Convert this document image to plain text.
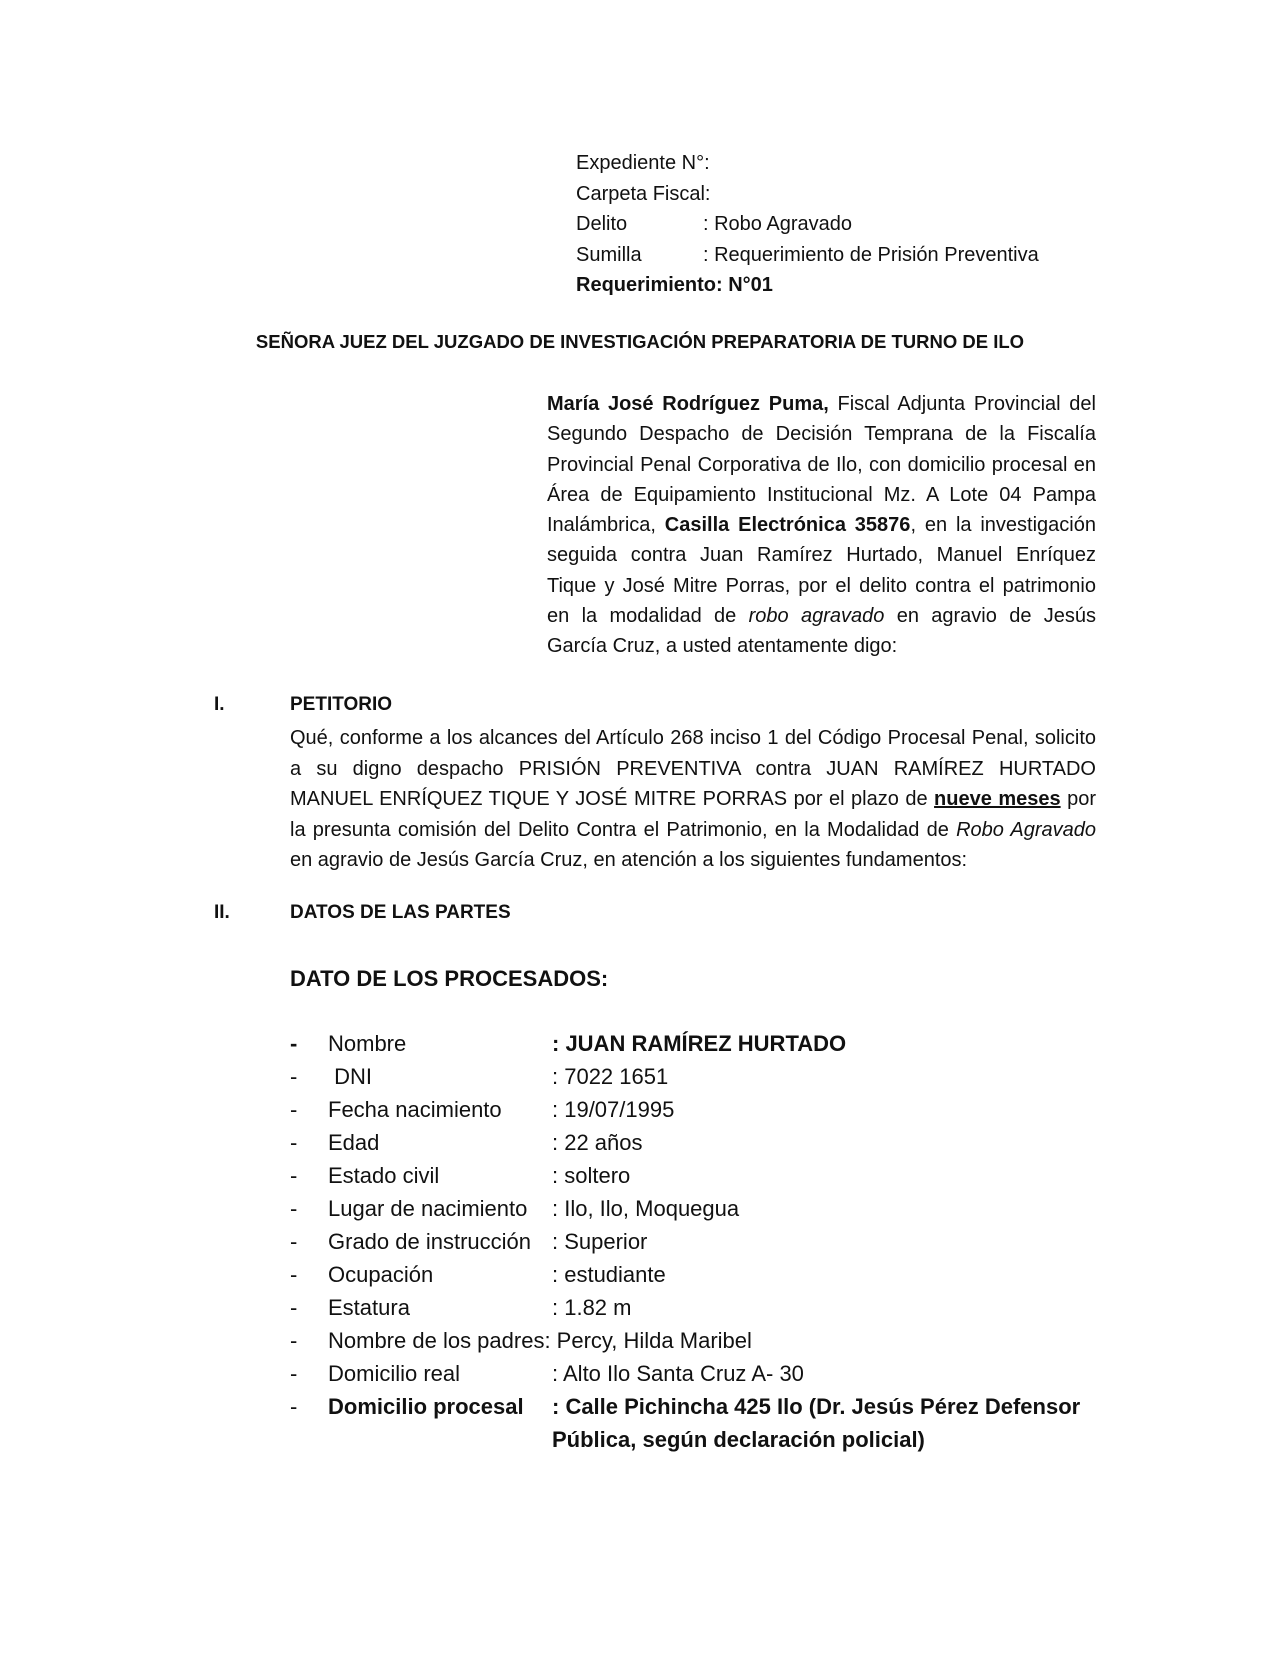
Expediente N°:
Carpeta Fiscal:
Delito	: Robo Agravado
Sumilla	: Requerimiento de Prisión Preventiva
Requerimiento: N°01
SEÑORA JUEZ DEL JUZGADO DE INVESTIGACIÓN PREPARATORIA DE TURNO DE ILO

María José Rodríguez Puma, Fiscal Adjunta Provincial del Segundo Despacho de Decisión Temprana de la Fiscalía Provincial Penal Corporativa de Ilo, con domicilio procesal en Área de Equipamiento Institucional Mz. A Lote 04 Pampa Inalámbrica, Casilla Electrónica 35876, en la investigación seguida contra Juan Ramírez Hurtado, Manuel Enríquez Tique y José Mitre Porras, por el delito contra el patrimonio en la modalidad de robo agravado en agravio de Jesús García Cruz, a usted atentamente digo:

I.	PETITORIO

Qué, conforme a los alcances del Artículo 268 inciso 1 del Código Procesal Penal, solicito a su digno despacho PRISIÓN PREVENTIVA contra JUAN RAMÍREZ HURTADO MANUEL ENRÍQUEZ TIQUE Y JOSÉ MITRE PORRAS por el plazo de nueve meses por la presunta comisión del Delito Contra el Patrimonio, en la Modalidad de Robo Agravado en agravio de Jesús García Cruz, en atención a los siguientes fundamentos:

II.	DATOS DE LAS PARTES
DATO DE LOS PROCESADOS:
-	Nombre	: JUAN RAMÍREZ HURTADO
-	DNI	: 7022 1651
-	Fecha nacimiento	: 19/07/1995
-	Edad	: 22 años
-	Estado civil	: soltero
-	Lugar de nacimiento	: Ilo, Ilo, Moquegua
-	Grado de instrucción : Superior
-	Ocupación	: estudiante
-	Estatura	: 1.82 m
-	Nombre de los padres : Percy, Hilda Maribel
-	Domicilio real	: Alto Ilo Santa Cruz A- 30
-	Domicilio procesal	: Calle Pichincha 425 Ilo (Dr. Jesús Pérez Defensor Pública, según declaración policial)
